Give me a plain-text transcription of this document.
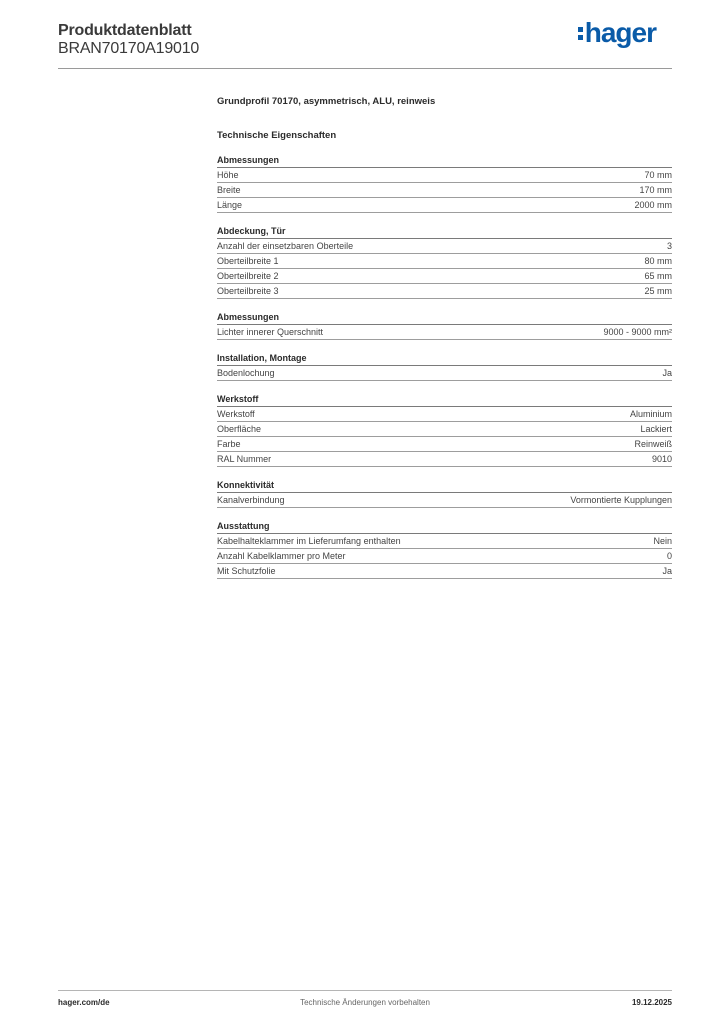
Produktdatenblatt
BRAN70170A19010
hager
Grundprofil 70170, asymmetrisch, ALU, reinweis
Technische Eigenschaften
Abmessungen
Höhe	70 mm
Breite	170 mm
Länge	2000 mm
Abdeckung, Tür
Anzahl der einsetzbaren Oberteile	3
Oberteilbreite 1	80 mm
Oberteilbreite 2	65 mm
Oberteilbreite 3	25 mm
Abmessungen
Lichter innerer Querschnitt	9000 - 9000 mm²
Installation, Montage
Bodenlochung	Ja
Werkstoff
Werkstoff	Aluminium
Oberfläche	Lackiert
Farbe	Reinweiß
RAL Nummer	9010
Konnektivität
Kanalverbindung	Vormontierte Kupplungen
Ausstattung
Kabelhalteklammer im Lieferumfang enthalten	Nein
Anzahl Kabelklammer pro Meter	0
Mit Schutzfolie	Ja
Technische Änderungen vorbehalten
hager.com/de	19.12.2025
